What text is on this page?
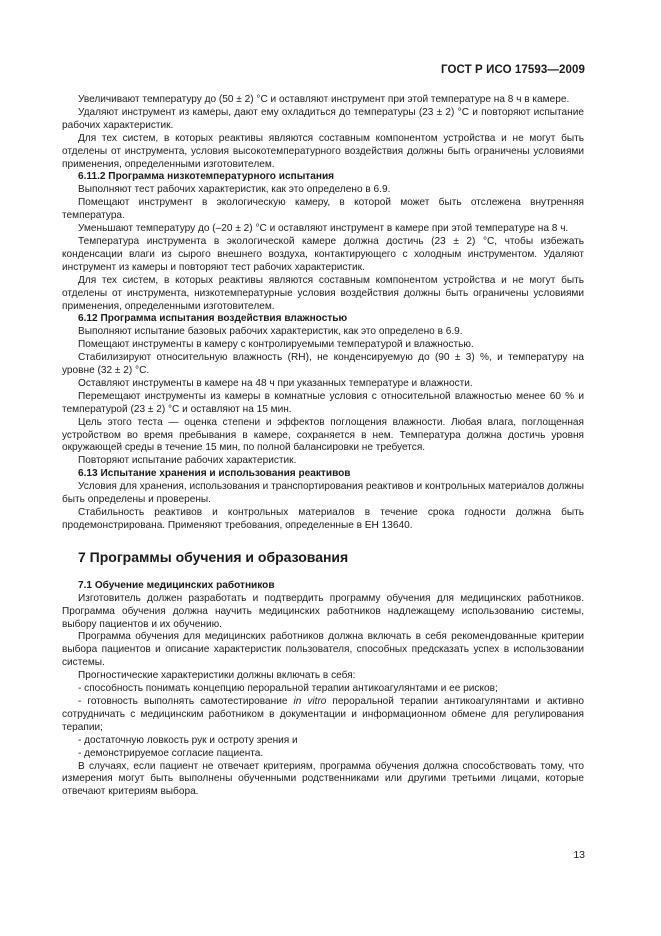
ГОСТ Р ИСО 17593—2009

Увеличивают температуру до (50 ± 2) °С и оставляют инструмент при этой температуре на 8 ч в камере.

Удаляют инструмент из камеры, дают ему охладиться до температуры (23 ± 2) °С и повторяют испытание рабочих характеристик.

Для тех систем, в которых реактивы являются составным компонентом устройства и не могут быть отделены от инструмента, условия высокотемпературного воздействия должны быть ограничены условиями применения, определенными изготовителем.

6.11.2 Программа низкотемпературного испытания

Выполняют тест рабочих характеристик, как это определено в 6.9.

Помещают инструмент в экологическую камеру, в которой может быть отслежена внутренняя температура.

Уменьшают температуру до (–20 ± 2) °С и оставляют инструмент в камере при этой температуре на 8 ч.

Температура инструмента в экологической камере должна достичь (23 ± 2) °С, чтобы избежать конденсации влаги из сырого внешнего воздуха, контактирующего с холодным инструментом. Удаляют инструмент из камеры и повторяют тест рабочих характеристик.

Для тех систем, в которых реактивы являются составным компонентом устройства и не могут быть отделены от инструмента, низкотемпературные условия воздействия должны быть ограничены условиями применения, определенными изготовителем.

6.12 Программа испытания воздействия влажностью

Выполняют испытание базовых рабочих характеристик, как это определено в 6.9.

Помещают инструменты в камеру с контролируемыми температурой и влажностью.

Стабилизируют относительную влажность (RH), не конденсируемую до (90 ± 3) %, и температуру на уровне (32 ± 2) °С.

Оставляют инструменты в камере на 48 ч при указанных температуре и влажности.

Перемещают инструменты из камеры в комнатные условия с относительной влажностью менее 60 % и температурой (23 ± 2) °С и оставляют на 15 мин.

Цель этого теста — оценка степени и эффектов поглощения влажности. Любая влага, поглощенная устройством во время пребывания в камере, сохраняется в нем. Температура должна достичь уровня окружающей среды в течение 15 мин, по полной балансировки не требуется.

Повторяют испытание рабочих характеристик.

6.13 Испытание хранения и использования реактивов

Условия для хранения, использования и транспортирования реактивов и контрольных материалов должны быть определены и проверены.

Стабильность реактивов и контрольных материалов в течение срока годности должна быть продемонстрирована. Применяют требования, определенные в ЕН 13640.

7 Программы обучения и образования

7.1 Обучение медицинских работников

Изготовитель должен разработать и подтвердить программу обучения для медицинских работников. Программа обучения должна научить медицинских работников надлежащему использованию системы, выбору пациентов и их обучению.

Программа обучения для медицинских работников должна включать в себя рекомендованные критерии выбора пациентов и описание характеристик пользователя, способных предсказать успех в использовании системы.

Прогностические характеристики должны включать в себя:

- способность понимать концепцию пероральной терапии антикоагулянтами и ее рисков;

- готовность выполнять самотестирование in vitro пероральной терапии антикоагулянтами и активно сотрудничать с медицинским работником в документации и информационном обмене для регулирования терапии;

- достаточную ловкость рук и остроту зрения и

- демонстрируемое согласие пациента.

В случаях, если пациент не отвечает критериям, программа обучения должна способствовать тому, что измерения могут быть выполнены обученными родственниками или другими третьими лицами, которые отвечают критериям выбора.

13
